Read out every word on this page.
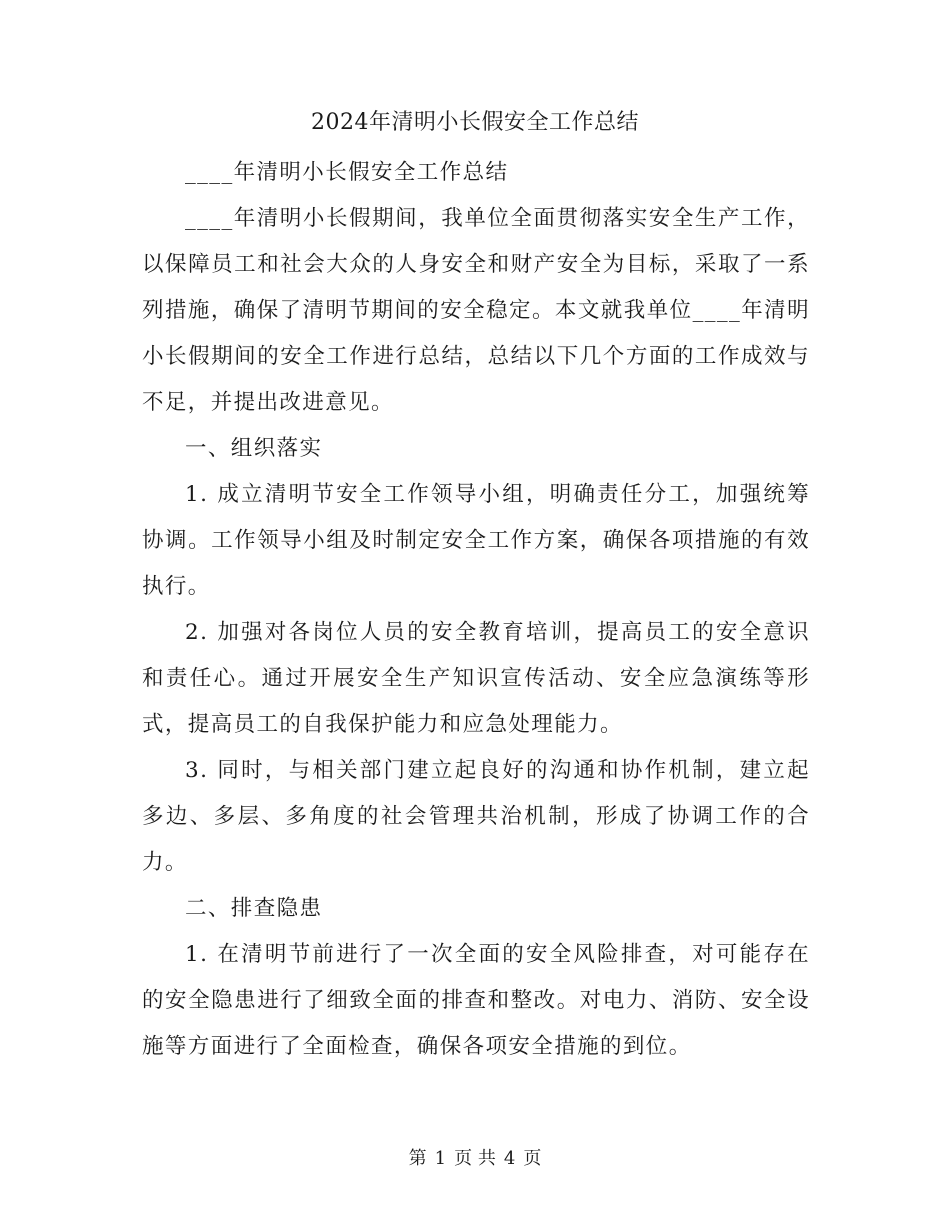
2024年清明小长假安全工作总结

____年清明小长假安全工作总结

____年清明小长假期间，我单位全面贯彻落实安全生产工作，以保障员工和社会大众的人身安全和财产安全为目标，采取了一系列措施，确保了清明节期间的安全稳定。本文就我单位____年清明小长假期间的安全工作进行总结，总结以下几个方面的工作成效与不足，并提出改进意见。

一、组织落实

1. 成立清明节安全工作领导小组，明确责任分工，加强统筹协调。工作领导小组及时制定安全工作方案，确保各项措施的有效执行。

2. 加强对各岗位人员的安全教育培训，提高员工的安全意识和责任心。通过开展安全生产知识宣传活动、安全应急演练等形式，提高员工的自我保护能力和应急处理能力。

3. 同时，与相关部门建立起良好的沟通和协作机制，建立起多边、多层、多角度的社会管理共治机制，形成了协调工作的合力。

二、排查隐患

1. 在清明节前进行了一次全面的安全风险排查，对可能存在的安全隐患进行了细致全面的排查和整改。对电力、消防、安全设施等方面进行了全面检查，确保各项安全措施的到位。

第 1 页 共 4 页
